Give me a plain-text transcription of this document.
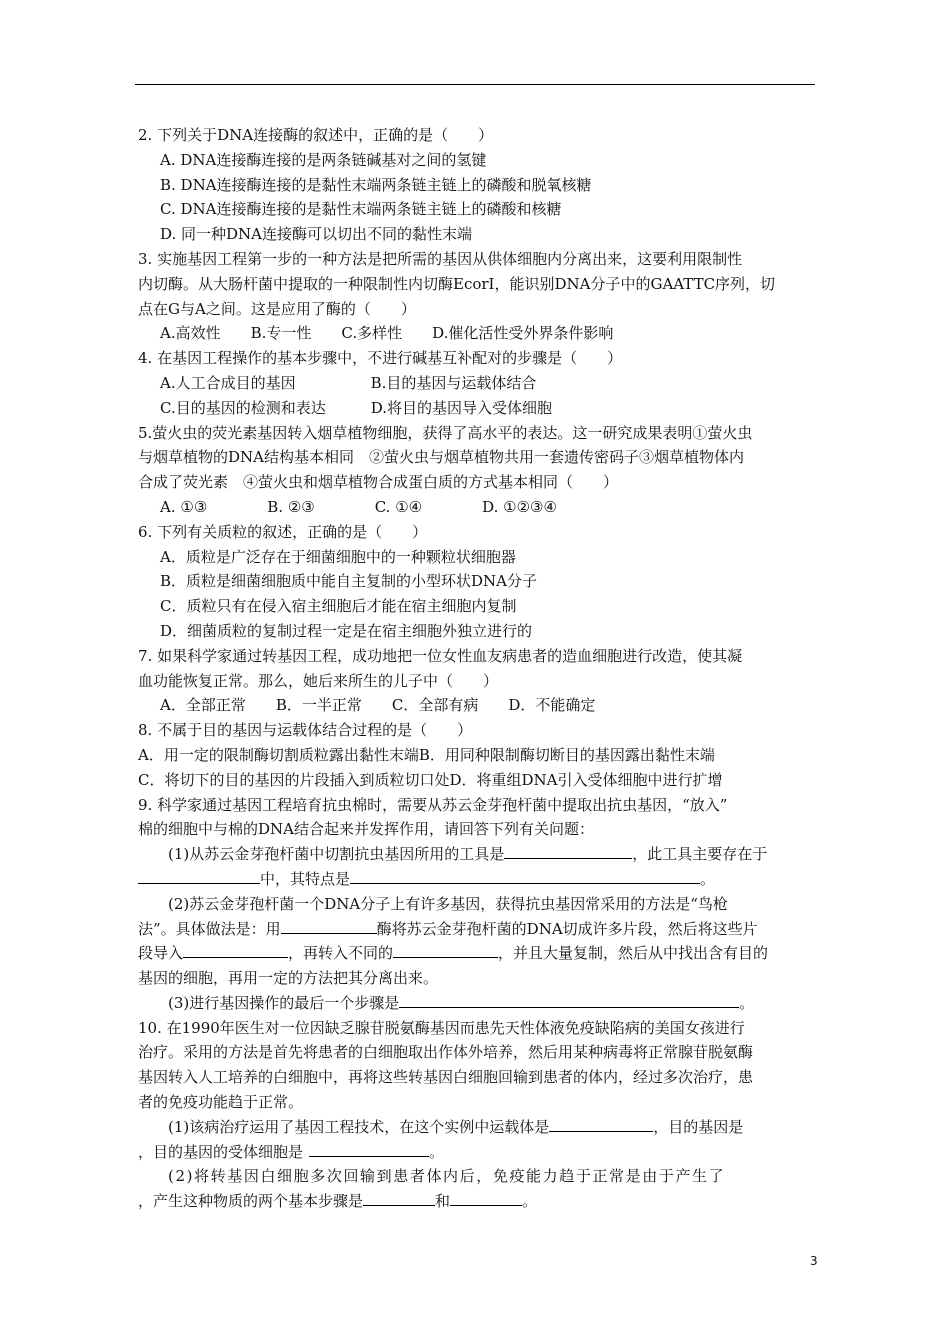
2. 下列关于DNA连接酶的叙述中，正确的是（　　）

A. DNA连接酶连接的是两条链碱基对之间的氢键

B. DNA连接酶连接的是黏性末端两条链主链上的磷酸和脱氧核糖

C. DNA连接酶连接的是黏性末端两条链主链上的磷酸和核糖

D. 同一种DNA连接酶可以切出不同的黏性末端

3. 实施基因工程第一步的一种方法是把所需的基因从供体细胞内分离出来，这要利用限制性

内切酶。从大肠杆菌中提取的一种限制性内切酶EcorI，能识别DNA分子中的GAATTC序列，切

点在G与A之间。这是应用了酶的（　　）

A.高效性　　B.专一性　　C.多样性　　D.催化活性受外界条件影响

4. 在基因工程操作的基本步骤中，不进行碱基互补配对的步骤是（　　）

A.人工合成目的基因　　　　　B.目的基因与运载体结合

C.目的基因的检测和表达　　　D.将目的基因导入受体细胞

5.萤火虫的荧光素基因转入烟草植物细胞，获得了高水平的表达。这一研究成果表明①萤火虫

与烟草植物的DNA结构基本相同　②萤火虫与烟草植物共用一套遗传密码子③烟草植物体内

合成了荧光素　④萤火虫和烟草植物合成蛋白质的方式基本相同（　　）

A. ①③　　　　B. ②③　　　　C. ①④　　　　D. ①②③④

6. 下列有关质粒的叙述，正确的是（　　）

A．质粒是广泛存在于细菌细胞中的一种颗粒状细胞器

B．质粒是细菌细胞质中能自主复制的小型环状DNA分子

C．质粒只有在侵入宿主细胞后才能在宿主细胞内复制

D．细菌质粒的复制过程一定是在宿主细胞外独立进行的

7. 如果科学家通过转基因工程，成功地把一位女性血友病患者的造血细胞进行改造，使其凝

血功能恢复正常。那么，她后来所生的儿子中（　　）

A．全部正常　　B．一半正常　　C．全部有病　　D．不能确定

8. 不属于目的基因与运载体结合过程的是（　　）

A．用一定的限制酶切割质粒露出黏性末端B．用同种限制酶切断目的基因露出黏性末端

C．将切下的目的基因的片段插入到质粒切口处D．将重组DNA引入受体细胞中进行扩增

9. 科学家通过基因工程培育抗虫棉时，需要从苏云金芽孢杆菌中提取出抗虫基因，“放入”

棉的细胞中与棉的DNA结合起来并发挥作用，请回答下列有关问题：

(1)从苏云金芽孢杆菌中切割抗虫基因所用的工具是	，此工具主要存在于

中，其特点是	。

(2)苏云金芽孢杆菌一个DNA分子上有许多基因，获得抗虫基因常采用的方法是“鸟枪

法”。具体做法是：用	酶将苏云金芽孢杆菌的DNA切成许多片段，然后将这些片

段导入	，再转入不同的	，并且大量复制，然后从中找出含有目的

基因的细胞，再用一定的方法把其分离出来。

(3)进行基因操作的最后一个步骤是	。

10. 在1990年医生对一位因缺乏腺苷脱氨酶基因而患先天性体液免疫缺陷病的美国女孩进行

治疗。采用的方法是首先将患者的白细胞取出作体外培养，然后用某种病毒将正常腺苷脱氨酶

基因转入人工培养的白细胞中，再将这些转基因白细胞回输到患者的体内，经过多次治疗，患

者的免疫功能趋于正常。

(1)该病治疗运用了基因工程技术，在这个实例中运载体是	，目的基因是

，目的基因的受体细胞是	。

(2)将转基因白细胞多次回输到患者体内后，免疫能力趋于正常是由于产生了

，产生这种物质的两个基本步骤是	和	。

3
